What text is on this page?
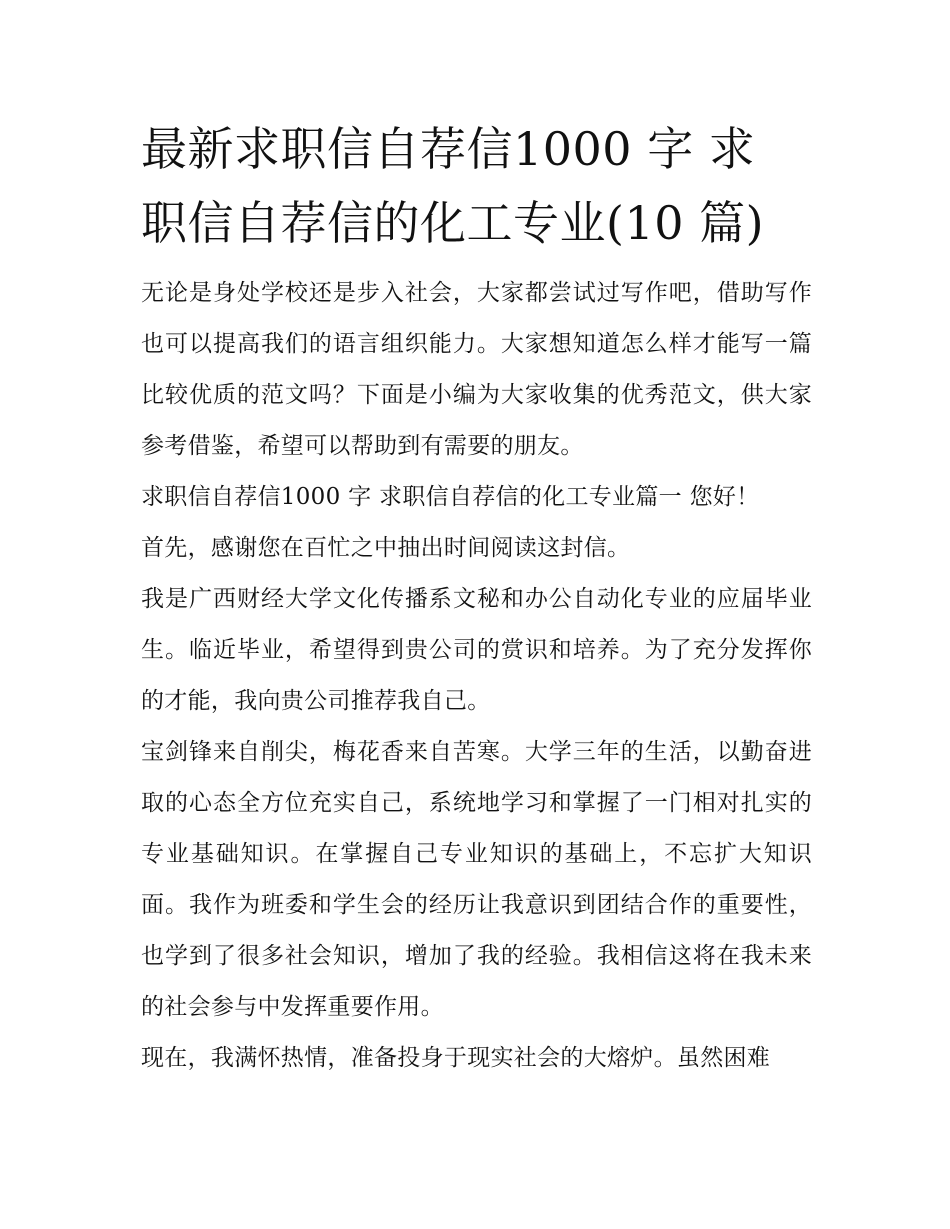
最新求职信自荐信1000 字 求
职信自荐信的化工专业(10 篇)

无论是身处学校还是步入社会，大家都尝试过写作吧，借助写作也可以提高我们的语言组织能力。大家想知道怎么样才能写一篇比较优质的范文吗？下面是小编为大家收集的优秀范文，供大家参考借鉴，希望可以帮助到有需要的朋友。

求职信自荐信1000 字 求职信自荐信的化工专业篇一 您好！

首先，感谢您在百忙之中抽出时间阅读这封信。

我是广西财经大学文化传播系文秘和办公自动化专业的应届毕业生。临近毕业，希望得到贵公司的赏识和培养。为了充分发挥你的才能，我向贵公司推荐我自己。

宝剑锋来自削尖，梅花香来自苦寒。大学三年的生活，以勤奋进取的心态全方位充实自己，系统地学习和掌握了一门相对扎实的专业基础知识。在掌握自己专业知识的基础上，不忘扩大知识面。我作为班委和学生会的经历让我意识到团结合作的重要性，也学到了很多社会知识，增加了我的经验。我相信这将在我未来的社会参与中发挥重要作用。

现在，我满怀热情，准备投身于现实社会的大熔炉。虽然困难
